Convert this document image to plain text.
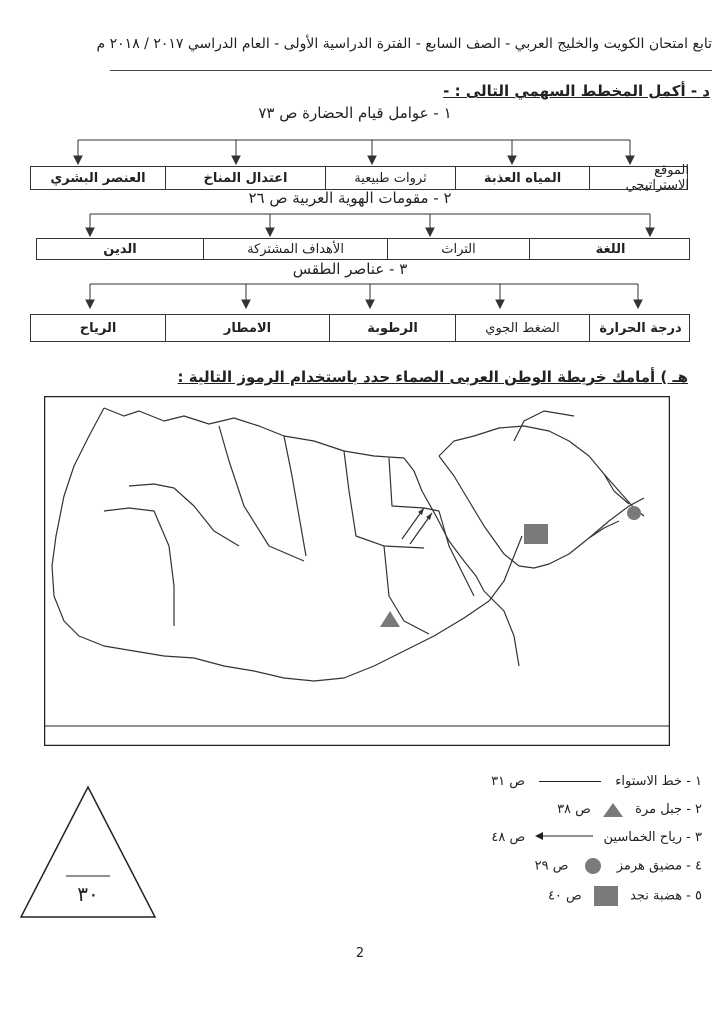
تابع امتحان الكويت والخليج العربي - الصف السابع - الفترة الدراسية الأولى - العام الدراسي ٢٠١٧ / ٢٠١٨ م
د - أكمل المخطط السهمي التالى : -
١ - عوامل قيام الحضارة ص ٧٣
العنصر البشري	اعتدال المناخ	ثروات طبيعية	المياه العذبة	الموقع الاستراتيجي
٢ - مقومات الهوية العربية ص ٢٦
الدين	الأهداف المشتركة	التراث	اللغة
٣ - عناصر الطقس
الرياح	الامطار	الرطوبة	الضغط الجوي	درجة الحرارة
هـ ) أمامك خريطة الوطن العربى الصماء حدد باستخدام الرموز التالية :
١ - خط الاستواء  ص ٣١
٢ - جبل مرة  ص ٣٨
٣ - رياح الخماسين  ص ٤٨
٤ - مضيق هرمز  ص ٢٩
٥ - هضبة نجد  ص ٤٠
٣٠
2
